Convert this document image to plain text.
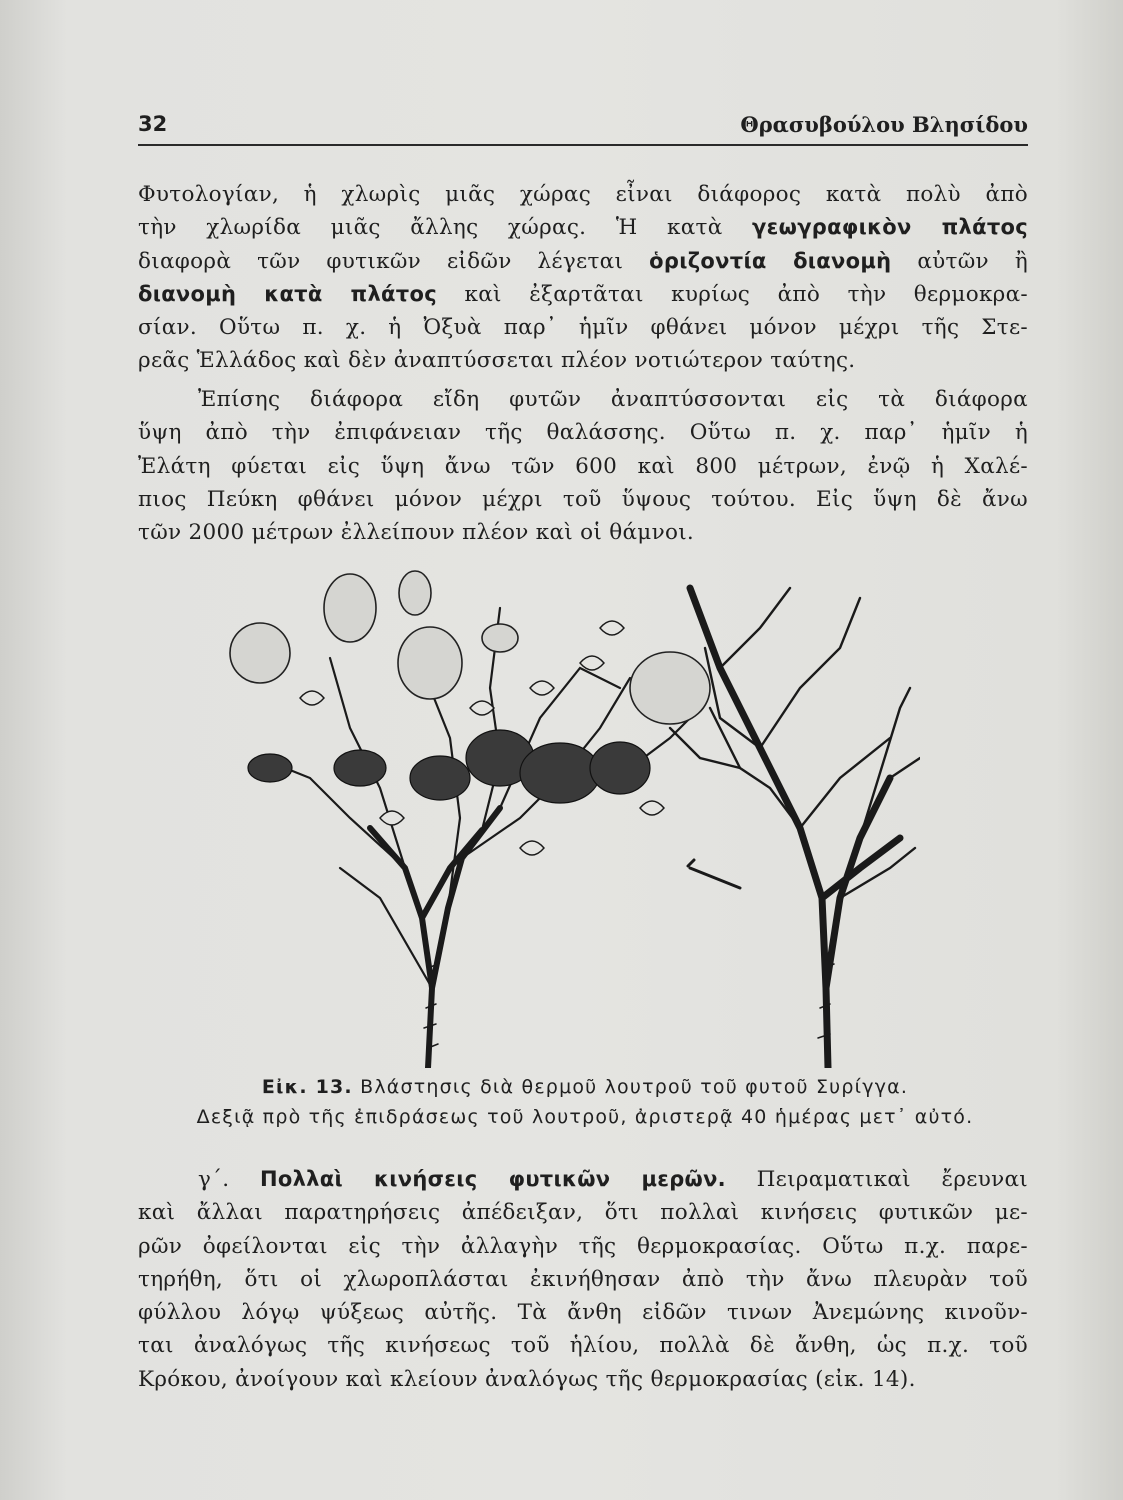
32	Θρασυβούλου Βλησίδου
Φυτολογίαν, ἡ χλωρὶς μιᾶς χώρας εἶναι διάφορος κατὰ πολὺ ἀπὸ
τὴν χλωρίδα μιᾶς ἄλλης χώρας. Ἡ κατὰ γεωγραφικὸν πλάτος
διαφορὰ τῶν φυτικῶν εἰδῶν λέγεται ὁριζοντία διανομὴ αὐτῶν ἢ
διανομὴ κατὰ πλάτος καὶ ἐξαρτᾶται κυρίως ἀπὸ τὴν θερμοκρα-
σίαν. Οὕτω π. χ. ἡ Ὀξυὰ παρ᾽ ἡμῖν φθάνει μόνον μέχρι τῆς Στε-
ρεᾶς Ἑλλάδος καὶ δὲν ἀναπτύσσεται πλέον νοτιώτερον ταύτης.
Ἐπίσης διάφορα εἴδη φυτῶν ἀναπτύσσονται εἰς τὰ διάφορα
ὕψη ἀπὸ τὴν ἐπιφάνειαν τῆς θαλάσσης. Οὕτω π. χ. παρ᾽ ἡμῖν ἡ
Ἐλάτη φύεται εἰς ὕψη ἄνω τῶν 600 καὶ 800 μέτρων, ἐνῷ ἡ Χαλέ-
πιος Πεύκη φθάνει μόνον μέχρι τοῦ ὕψους τούτου. Εἰς ὕψη δὲ ἄνω
τῶν 2000 μέτρων ἐλλείπουν πλέον καὶ οἱ θάμνοι.
Εἰκ. 13. Βλάστησις διὰ θερμοῦ λουτροῦ τοῦ φυτοῦ Συρίγγα.
Δεξιᾷ πρὸ τῆς ἐπιδράσεως τοῦ λουτροῦ, ἀριστερᾷ 40 ἡμέρας μετ᾽ αὐτό.
γ΄. Πολλαὶ κινήσεις φυτικῶν μερῶν. Πειραματικαὶ ἔρευναι
καὶ ἄλλαι παρατηρήσεις ἀπέδειξαν, ὅτι πολλαὶ κινήσεις φυτικῶν με-
ρῶν ὀφείλονται εἰς τὴν ἀλλαγὴν τῆς θερμοκρασίας. Οὕτω π.χ. παρε-
τηρήθη, ὅτι οἱ χλωροπλάσται ἐκινήθησαν ἀπὸ τὴν ἄνω πλευρὰν τοῦ
φύλλου λόγῳ ψύξεως αὐτῆς. Τὰ ἄνθη εἰδῶν τινων Ἀνεμώνης κινοῦν-
ται ἀναλόγως τῆς κινήσεως τοῦ ἡλίου, πολλὰ δὲ ἄνθη, ὡς π.χ. τοῦ
Κρόκου, ἀνοίγουν καὶ κλείουν ἀναλόγως τῆς θερμοκρασίας (εἰκ. 14).
